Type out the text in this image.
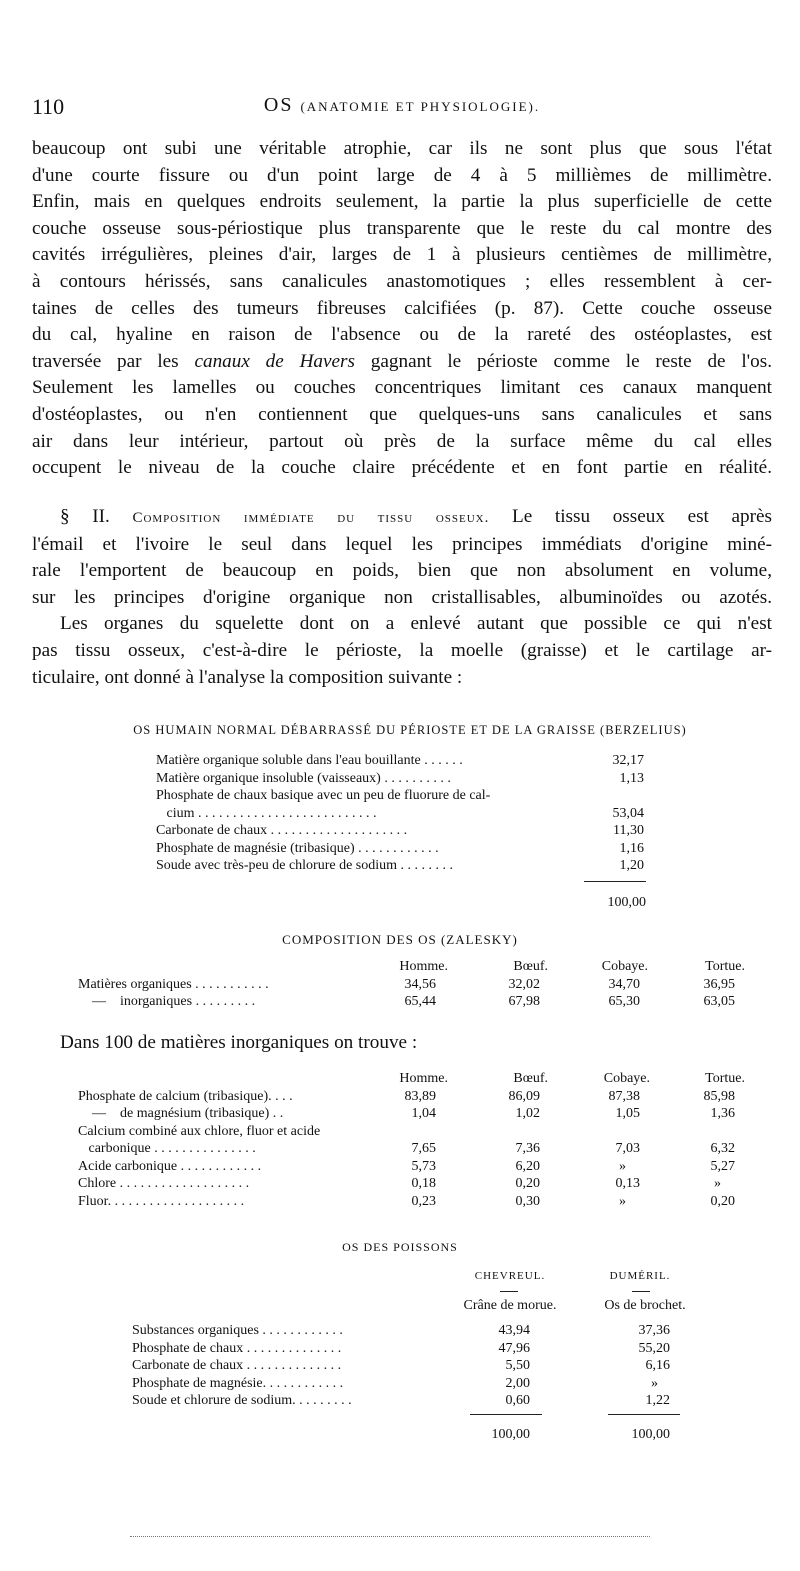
110	OS (ANATOMIE ET PHYSIOLOGIE).
beaucoup ont subi une véritable atrophie, car ils ne sont plus que sous l'état
d'une courte fissure ou d'un point large de 4 à 5 millièmes de millimètre.
Enfin, mais en quelques endroits seulement, la partie la plus superficielle de cette
couche osseuse sous-périostique plus transparente que le reste du cal montre des
cavités irrégulières, pleines d'air, larges de 1 à plusieurs centièmes de millimètre,
à contours hérissés, sans canalicules anastomotiques ; elles ressemblent à cer-
taines de celles des tumeurs fibreuses calcifiées (p. 87). Cette couche osseuse
du cal, hyaline en raison de l'absence ou de la rareté des ostéoplastes, est
traversée par les canaux de Havers gagnant le périoste comme le reste de l'os.
Seulement les lamelles ou couches concentriques limitant ces canaux manquent
d'ostéoplastes, ou n'en contiennent que quelques-uns sans canalicules et sans
air dans leur intérieur, partout où près de la surface même du cal elles
occupent le niveau de la couche claire précédente et en font partie en réalité.
§ II. Composition immédiate du tissu osseux. Le tissu osseux est après
l'émail et l'ivoire le seul dans lequel les principes immédiats d'origine miné-
rale l'emportent de beaucoup en poids, bien que non absolument en volume,
sur les principes d'origine organique non cristallisables, albuminoïdes ou azotés.
Les organes du squelette dont on a enlevé autant que possible ce qui n'est
pas tissu osseux, c'est-à-dire le périoste, la moelle (graisse) et le cartilage ar-
ticulaire, ont donné à l'analyse la composition suivante :
OS HUMAIN NORMAL DÉBARRASSÉ DU PÉRIOSTE ET DE LA GRAISSE (BERZELIUS)
Matière organique soluble dans l'eau bouillante . . . . . .	32,17
Matière organique insoluble (vaisseaux) . . . . . . . . . .	1,13
Phosphate de chaux basique avec un peu de fluorure de cal-
cium . . . . . . . . . . . . . . . . . . . . . . . . . .	53,04
Carbonate de chaux . . . . . . . . . . . . . . . . . . . .	11,30
Phosphate de magnésie (tribasique) . . . . . . . . . . . .	1,16
Soude avec très-peu de chlorure de sodium . . . . . . . .	1,20
100,00
COMPOSITION DES OS (ZALESKY)
Homme.	Bœuf.	Cobaye.	Tortue.
Matières organiques . . . . . . . . . . .	34,56	32,02	34,70	36,95
—    inorganiques . . . . . . . . .	65,44	67,98	65,30	63,05
Dans 100 de matières inorganiques on trouve :
Homme.	Bœuf.	Cobaye.	Tortue.
Phosphate de calcium (tribasique). . . .	83,89	86,09	87,38	85,98
—    de magnésium (tribasique) . .	1,04	1,02	1,05	1,36
Calcium combiné aux chlore, fluor et acide
carbonique . . . . . . . . . . . . . . .	7,65	7,36	7,03	6,32
Acide carbonique . . . . . . . . . . . .	5,73	6,20	»	5,27
Chlore . . . . . . . . . . . . . . . . . . .	0,18	0,20	0,13	»
Fluor. . . . . . . . . . . . . . . . . . . .	0,23	0,30	»	0,20
OS DES POISSONS
CHEVREUL.	DUMÉRIL.
Crâne de morue.	Os de brochet.
Substances organiques . . . . . . . . . . . .	43,94	37,36
Phosphate de chaux . . . . . . . . . . . . . .	47,96	55,20
Carbonate de chaux . . . . . . . . . . . . . .	5,50	6,16
Phosphate de magnésie. . . . . . . . . . . .	2,00	»
Soude et chlorure de sodium. . . . . . . . .	0,60	1,22
100,00	100,00
